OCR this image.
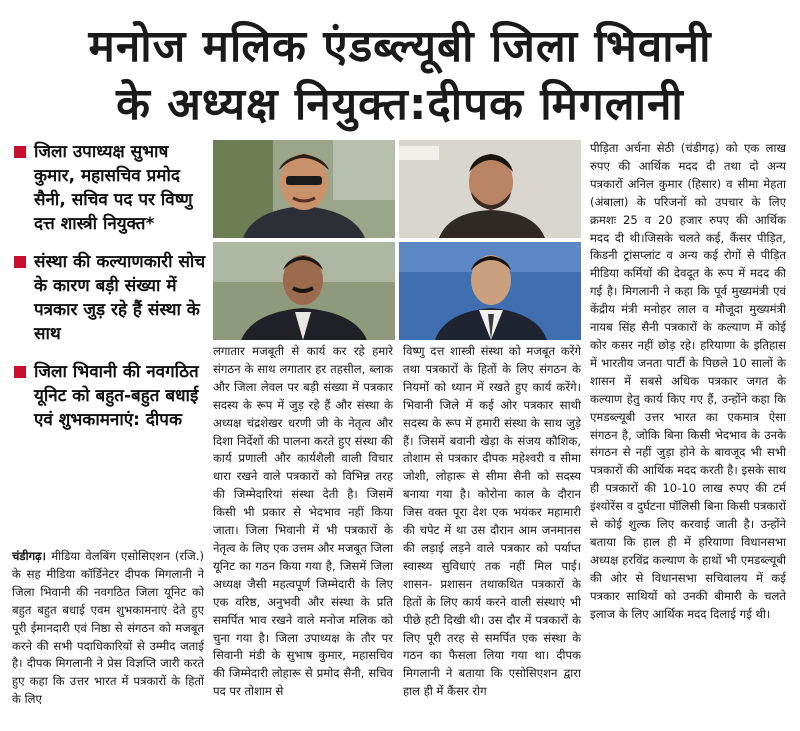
मनोज मलिक एंडब्ल्यूबी जिला भिवानी
के अध्यक्ष नियुक्त:दीपक मिगलानी
जिला उपाध्यक्ष सुभाष कुमार, महासचिव प्रमोद सैनी, सचिव पद पर विष्णु दत्त शास्त्री नियुक्त*
संस्था की कल्याणकारी सोच के कारण बड़ी संख्या में पत्रकार जुड़ रहे हैं संस्था के साथ
जिला भिवानी की नवगठित यूनिट को बहुत-बहुत बधाई एवं शुभकामनाएं: दीपक
चंडीगढ़। मीडिया वेलबिंग एसोसिएशन (रजि.) के सह मीडिया कॉर्डिनेटर दीपक मिगलानी ने जिला भिवानी की नवगठित जिला यूनिट को बहुत बहुत बधाई एवम शुभकामनाएं देते हुए पूरी ईमानदारी एवं निष्ठा से संगठन को मजबूत करने की सभी पदाधिकारियों से उम्मीद जताई है। दीपक मिगलानी ने प्रेस विज्ञप्ति जारी करते हुए कहा कि उत्तर भारत में पत्रकारों के हितों के लिए
लगातार मजबूती से कार्य कर रहे हमारे संगठन के साथ लगातार हर तहसील, ब्लाक और जिला लेवल पर बड़ी संख्या में पत्रकार सदस्य के रूप में जुड़ रहे हैं और संस्था के अध्यक्ष चंद्रशेखर धरणी जी के नेतृत्व और दिशा निर्देशों की पालना करते हुए संस्था की कार्य प्रणाली और कार्यशैली वाली विचार धारा रखने वाले पत्रकारों को विभिन्न तरह की जिम्मेदारियां संस्था देती है। जिसमें किसी भी प्रकार से भेदभाव नहीं किया जाता। जिला भिवानी में भी पत्रकारों के नेतृत्व के लिए एक उत्तम और मजबूत जिला यूनिट का गठन किया गया है, जिसमें जिला अध्यक्ष जैसी महत्वपूर्ण जिम्मेदारी के लिए एक वरिष्ठ, अनुभवी और संस्था के प्रति समर्पित भाव रखने वाले मनोज मलिक को चुना गया है। जिला उपाध्यक्ष के तौर पर सिवानी मंडी के सुभाष कुमार, महासचिव की जिम्मेदारी लोहारू से प्रमोद सैनी, सचिव पद पर तोशाम से
विष्णु दत्त शास्त्री संस्था को मजबूत करेंगे तथा पत्रकारों के हितों के लिए संगठन के नियमों को ध्यान में रखते हुए कार्य करेंगे। भिवानी जिले में कई ओर पत्रकार साथी सदस्य के रूप में हमारी संस्था के साथ जुड़े हैं। जिसमें बवानी खेड़ा के संजय कौशिक, तोशाम से पत्रकार दीपक महेश्वरी व सीमा जोशी, लोहारू से सीमा सैनी को सदस्य बनाया गया है। कोरोना काल के दौरान जिस वक्त पूरा देश एक भयंकर महामारी की चपेट में था उस दौरान आम जनमानस की लड़ाई लड़ने वाले पत्रकार को पर्याप्त स्वास्थ्य सुविधाएं तक नहीं मिल पाई। शासन- प्रशासन तथाकथित पत्रकारों के हितों के लिए कार्य करने वाली संस्थाएं भी पीछे हटी दिखी थी। उस दौर में पत्रकारों के लिए पूरी तरह से समर्पित एक संस्था के गठन का फैसला लिया गया था। दीपक मिगलानी ने बताया कि एसोसिएशन द्वारा हाल ही में कैंसर रोग
पीड़िता अर्चना सेठी (चंडीगढ़) को एक लाख रुपए की आर्थिक मदद दी तथा दो अन्य पत्रकारों अनिल कुमार (हिसार) व सीमा मेहता (अंबाला) के परिजनों को उपचार के लिए क्रमशः 25 व 20 हजार रुपए की आर्थिक मदद दी थी।जिसके चलते कई, कैंसर पीड़ित, किडनी ट्रांसप्लांट व अन्य कई रोगों से पीड़ित मीडिया कर्मियों की देवदूत के रूप में मदद की गई है। मिगलानी ने कहा कि पूर्व मुख्यमंत्री एवं केंद्रीय मंत्री मनोहर लाल व मौजूदा मुख्यमंत्री नायब सिंह सैनी पत्रकारों के कल्याण में कोई कोर कसर नहीं छोड़ रहे। हरियाणा के इतिहास में भारतीय जनता पार्टी के पिछले 10 सालों के शासन में सबसे अधिक पत्रकार जगत के कल्याण हेतु कार्य किए गए हैं, उन्होंने कहा कि एमडब्ल्यूबी उत्तर भारत का एकमात्र ऐसा संगठन है, जोकि बिना किसी भेदभाव के उनके संगठन से नहीं जुड़ा होने के बावजूद भी सभी पत्रकारों की आर्थिक मदद करती है। इसके साथ ही पत्रकारों की 10-10 लाख रुपए की टर्म इंश्योरेंस व दुर्घटना पॉलिसी बिना किसी पत्रकारों से कोई शुल्क लिए करवाई जाती है। उन्होंने बताया कि हाल ही में हरियाणा विधानसभा अध्यक्ष हरविंद्र कल्याण के हाथों भी एमडब्ल्यूबी की ओर से विधानसभा सचिवालय में कई पत्रकार साथियों को उनकी बीमारी के चलते इलाज के लिए आर्थिक मदद दिलाई गई थी।
